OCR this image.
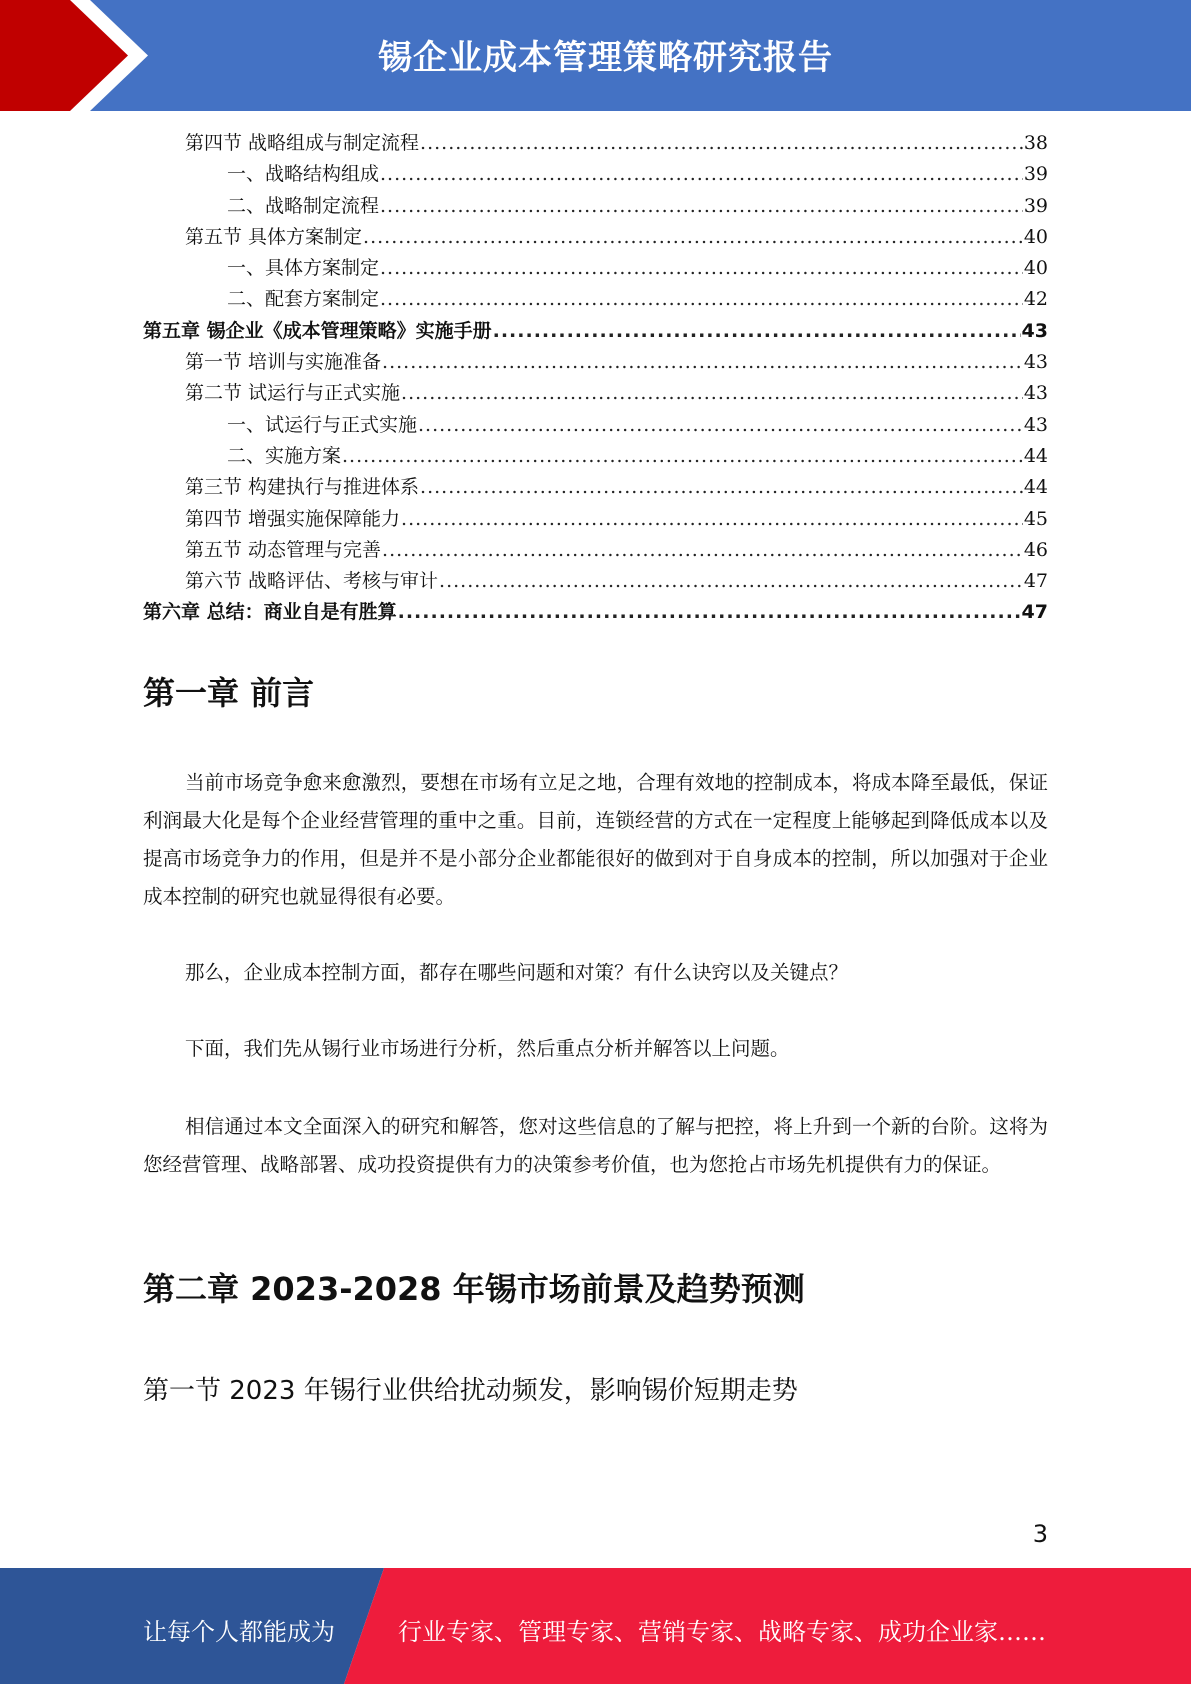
锡企业成本管理策略研究报告
第四节 战略组成与制定流程 .....	38
一、战略结构组成 .....	39
二、战略制定流程 .....	39
第五节 具体方案制定 .....	40
一、具体方案制定 .....	40
二、配套方案制定 .....	42
第五章 锡企业《成本管理策略》实施手册 .....	43
第一节 培训与实施准备 .....	43
第二节 试运行与正式实施 .....	43
一、试运行与正式实施 .....	43
二、实施方案 .....	44
第三节 构建执行与推进体系 .....	44
第四节 增强实施保障能力 .....	45
第五节 动态管理与完善 .....	46
第六节 战略评估、考核与审计 .....	47
第六章 总结：商业自是有胜算 .....	47
第一章 前言

当前市场竞争愈来愈激烈，要想在市场有立足之地，合理有效地的控制成本，将成本降至最低，保证利润最大化是每个企业经营管理的重中之重。目前，连锁经营的方式在一定程度上能够起到降低成本以及提高市场竞争力的作用，但是并不是小部分企业都能很好的做到对于自身成本的控制，所以加强对于企业成本控制的研究也就显得很有必要。

那么，企业成本控制方面，都存在哪些问题和对策？有什么诀窍以及关键点？

下面，我们先从锡行业市场进行分析，然后重点分析并解答以上问题。

相信通过本文全面深入的研究和解答，您对这些信息的了解与把控，将上升到一个新的台阶。这将为您经营管理、战略部署、成功投资提供有力的决策参考价值，也为您抢占市场先机提供有力的保证。

第二章 2023-2028 年锡市场前景及趋势预测
第一节 2023 年锡行业供给扰动频发，影响锡价短期走势
3
让每个人都能成为	行业专家、管理专家、营销专家、战略专家、成功企业家……
